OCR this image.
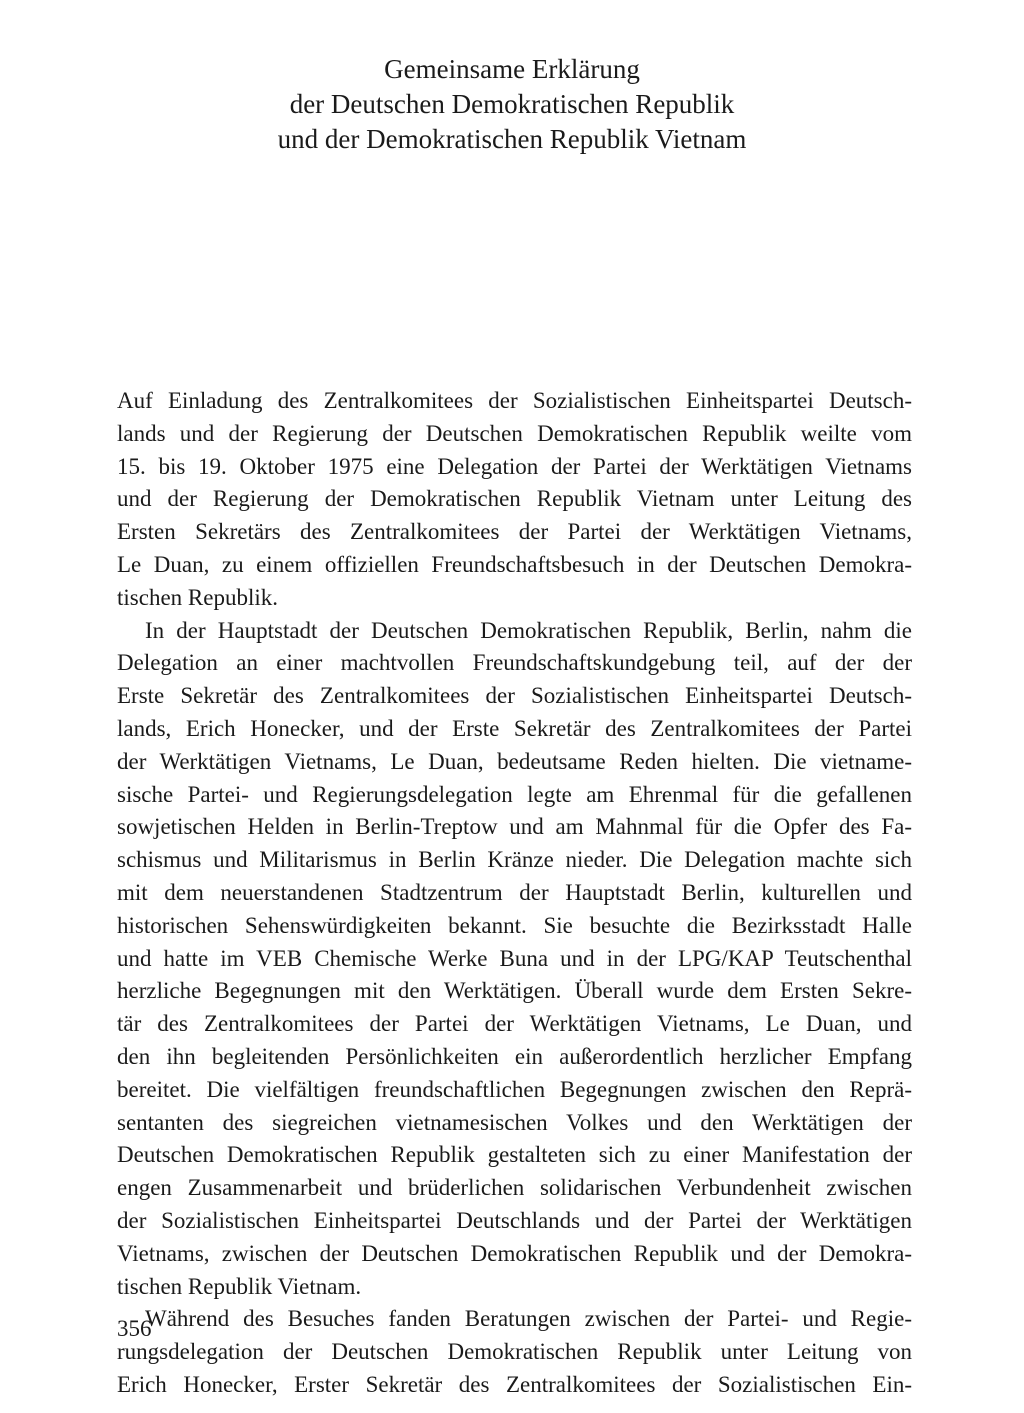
Gemeinsame Erklärung
der Deutschen Demokratischen Republik
und der Demokratischen Republik Vietnam
Auf Einladung des Zentralkomitees der Sozialistischen Einheitspartei Deutsch-
lands und der Regierung der Deutschen Demokratischen Republik weilte vom
15. bis 19. Oktober 1975 eine Delegation der Partei der Werktätigen Vietnams
und der Regierung der Demokratischen Republik Vietnam unter Leitung des
Ersten Sekretärs des Zentralkomitees der Partei der Werktätigen Vietnams,
Le Duan, zu einem offiziellen Freundschaftsbesuch in der Deutschen Demokra-
tischen Republik.
In der Hauptstadt der Deutschen Demokratischen Republik, Berlin, nahm die
Delegation an einer machtvollen Freundschaftskundgebung teil, auf der der
Erste Sekretär des Zentralkomitees der Sozialistischen Einheitspartei Deutsch-
lands, Erich Honecker, und der Erste Sekretär des Zentralkomitees der Partei
der Werktätigen Vietnams, Le Duan, bedeutsame Reden hielten. Die vietname-
sische Partei- und Regierungsdelegation legte am Ehrenmal für die gefallenen
sowjetischen Helden in Berlin-Treptow und am Mahnmal für die Opfer des Fa-
schismus und Militarismus in Berlin Kränze nieder. Die Delegation machte sich
mit dem neuerstandenen Stadtzentrum der Hauptstadt Berlin, kulturellen und
historischen Sehenswürdigkeiten bekannt. Sie besuchte die Bezirksstadt Halle
und hatte im VEB Chemische Werke Buna und in der LPG/KAP Teutschenthal
herzliche Begegnungen mit den Werktätigen. Überall wurde dem Ersten Sekre-
tär des Zentralkomitees der Partei der Werktätigen Vietnams, Le Duan, und
den ihn begleitenden Persönlichkeiten ein außerordentlich herzlicher Empfang
bereitet. Die vielfältigen freundschaftlichen Begegnungen zwischen den Reprä-
sentanten des siegreichen vietnamesischen Volkes und den Werktätigen der
Deutschen Demokratischen Republik gestalteten sich zu einer Manifestation der
engen Zusammenarbeit und brüderlichen solidarischen Verbundenheit zwischen
der Sozialistischen Einheitspartei Deutschlands und der Partei der Werktätigen
Vietnams, zwischen der Deutschen Demokratischen Republik und der Demokra-
tischen Republik Vietnam.
Während des Besuches fanden Beratungen zwischen der Partei- und Regie-
rungsdelegation der Deutschen Demokratischen Republik unter Leitung von
Erich Honecker, Erster Sekretär des Zentralkomitees der Sozialistischen Ein-
356
